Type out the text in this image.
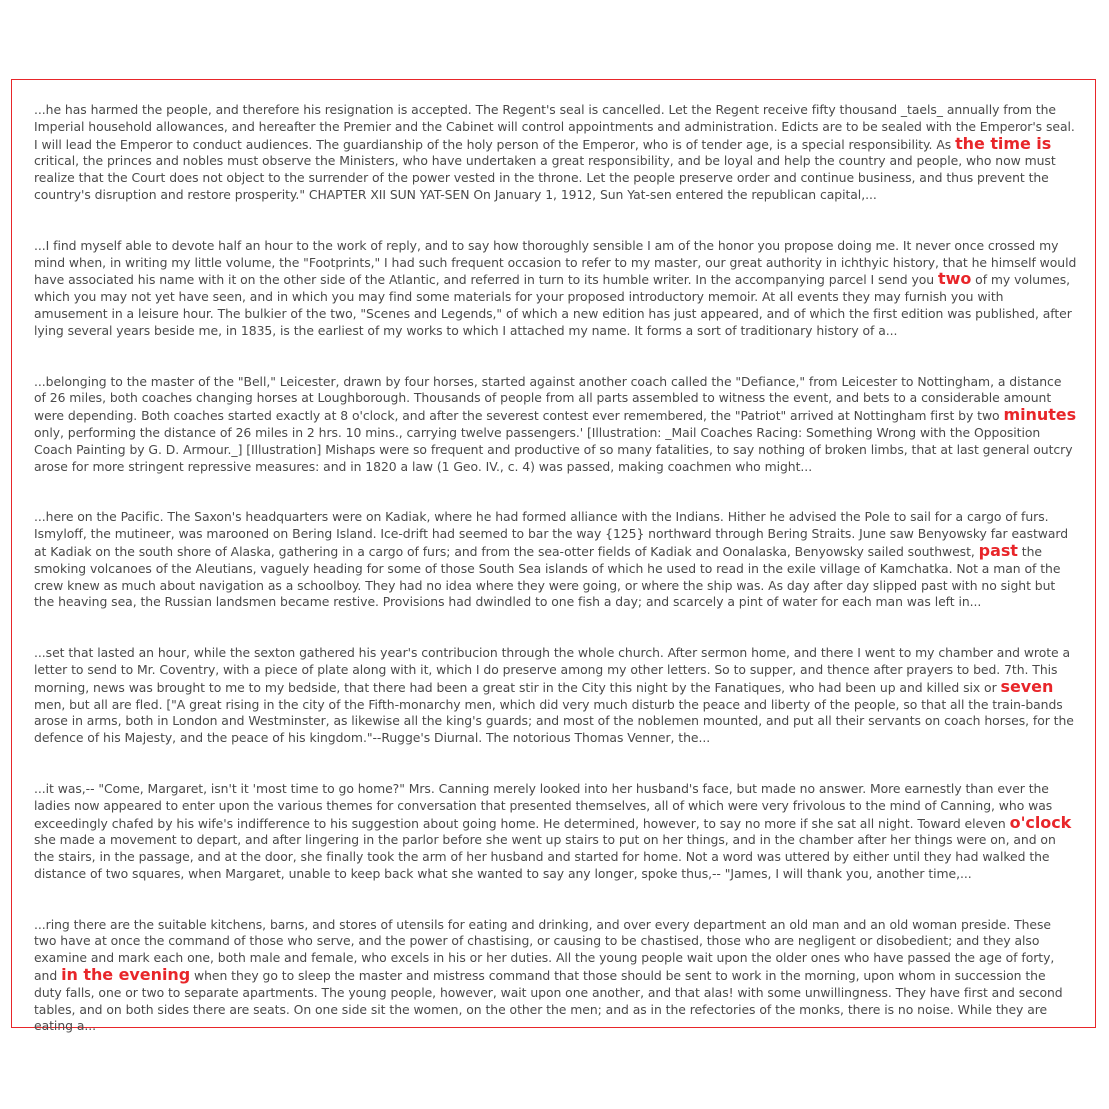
...he has harmed the people, and therefore his resignation is accepted. The Regent's seal is cancelled. Let the Regent receive fifty thousand _taels_ annually from the Imperial household allowances, and hereafter the Premier and the Cabinet will control appointments and administration. Edicts are to be sealed with the Emperor's seal. I will lead the Emperor to conduct audiences. The guardianship of the holy person of the Emperor, who is of tender age, is a special responsibility. As the time is critical, the princes and nobles must observe the Ministers, who have undertaken a great responsibility, and be loyal and help the country and people, who now must realize that the Court does not object to the surrender of the power vested in the throne. Let the people preserve order and continue business, and thus prevent the country's disruption and restore prosperity." CHAPTER XII SUN YAT-SEN On January 1, 1912, Sun Yat-sen entered the republican capital,...

...I find myself able to devote half an hour to the work of reply, and to say how thoroughly sensible I am of the honor you propose doing me. It never once crossed my mind when, in writing my little volume, the "Footprints," I had such frequent occasion to refer to my master, our great authority in ichthyic history, that he himself would have associated his name with it on the other side of the Atlantic, and referred in turn to its humble writer. In the accompanying parcel I send you two of my volumes, which you may not yet have seen, and in which you may find some materials for your proposed introductory memoir. At all events they may furnish you with amusement in a leisure hour. The bulkier of the two, "Scenes and Legends," of which a new edition has just appeared, and of which the first edition was published, after lying several years beside me, in 1835, is the earliest of my works to which I attached my name. It forms a sort of traditionary history of a...

...belonging to the master of the "Bell," Leicester, drawn by four horses, started against another coach called the "Defiance," from Leicester to Nottingham, a distance of 26 miles, both coaches changing horses at Loughborough. Thousands of people from all parts assembled to witness the event, and bets to a considerable amount were depending. Both coaches started exactly at 8 o'clock, and after the severest contest ever remembered, the "Patriot" arrived at Nottingham first by two minutes only, performing the distance of 26 miles in 2 hrs. 10 mins., carrying twelve passengers.' [Illustration: _Mail Coaches Racing: Something Wrong with the Opposition Coach Painting by G. D. Armour._] [Illustration] Mishaps were so frequent and productive of so many fatalities, to say nothing of broken limbs, that at last general outcry arose for more stringent repressive measures: and in 1820 a law (1 Geo. IV., c. 4) was passed, making coachmen who might...

...here on the Pacific. The Saxon's headquarters were on Kadiak, where he had formed alliance with the Indians. Hither he advised the Pole to sail for a cargo of furs. Ismyloff, the mutineer, was marooned on Bering Island. Ice-drift had seemed to bar the way {125} northward through Bering Straits. June saw Benyowsky far eastward at Kadiak on the south shore of Alaska, gathering in a cargo of furs; and from the sea-otter fields of Kadiak and Oonalaska, Benyowsky sailed southwest, past the smoking volcanoes of the Aleutians, vaguely heading for some of those South Sea islands of which he used to read in the exile village of Kamchatka. Not a man of the crew knew as much about navigation as a schoolboy. They had no idea where they were going, or where the ship was. As day after day slipped past with no sight but the heaving sea, the Russian landsmen became restive. Provisions had dwindled to one fish a day; and scarcely a pint of water for each man was left in...

...set that lasted an hour, while the sexton gathered his year's contribucion through the whole church. After sermon home, and there I went to my chamber and wrote a letter to send to Mr. Coventry, with a piece of plate along with it, which I do preserve among my other letters. So to supper, and thence after prayers to bed. 7th. This morning, news was brought to me to my bedside, that there had been a great stir in the City this night by the Fanatiques, who had been up and killed six or seven men, but all are fled. ["A great rising in the city of the Fifth-monarchy men, which did very much disturb the peace and liberty of the people, so that all the train-bands arose in arms, both in London and Westminster, as likewise all the king's guards; and most of the noblemen mounted, and put all their servants on coach horses, for the defence of his Majesty, and the peace of his kingdom."--Rugge's Diurnal. The notorious Thomas Venner, the...

...it was,-- "Come, Margaret, isn't it 'most time to go home?" Mrs. Canning merely looked into her husband's face, but made no answer. More earnestly than ever the ladies now appeared to enter upon the various themes for conversation that presented themselves, all of which were very frivolous to the mind of Canning, who was exceedingly chafed by his wife's indifference to his suggestion about going home. He determined, however, to say no more if she sat all night. Toward eleven o'clock she made a movement to depart, and after lingering in the parlor before she went up stairs to put on her things, and in the chamber after her things were on, and on the stairs, in the passage, and at the door, she finally took the arm of her husband and started for home. Not a word was uttered by either until they had walked the distance of two squares, when Margaret, unable to keep back what she wanted to say any longer, spoke thus,-- "James, I will thank you, another time,...

...ring there are the suitable kitchens, barns, and stores of utensils for eating and drinking, and over every department an old man and an old woman preside. These two have at once the command of those who serve, and the power of chastising, or causing to be chastised, those who are negligent or disobedient; and they also examine and mark each one, both male and female, who excels in his or her duties. All the young people wait upon the older ones who have passed the age of forty, and in the evening when they go to sleep the master and mistress command that those should be sent to work in the morning, upon whom in succession the duty falls, one or two to separate apartments. The young people, however, wait upon one another, and that alas! with some unwillingness. They have first and second tables, and on both sides there are seats. On one side sit the women, on the other the men; and as in the refectories of the monks, there is no noise. While they are eating a...
